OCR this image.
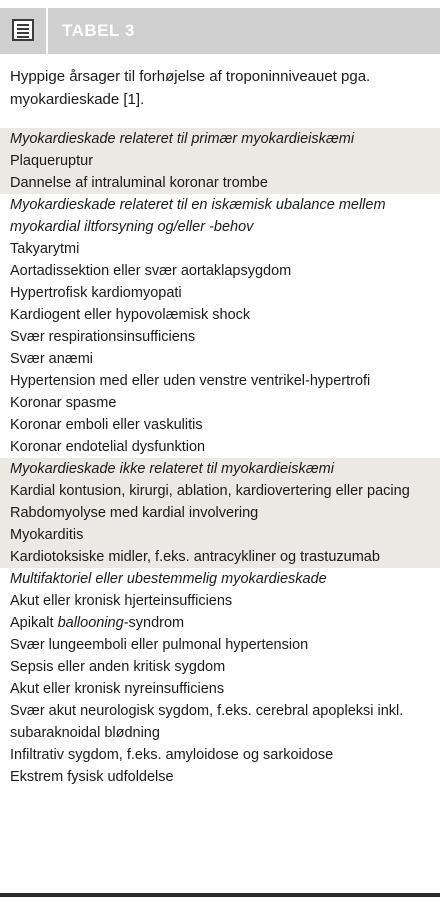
TABEL 3
Hyppige årsager til forhøjelse af troponinniveauet pga. myokardieskade [1].
Myokardieskade relateret til primær myokardieiskæmi
Plaqueruptur
Dannelse af intraluminal koronar trombe
Myokardieskade relateret til en iskæmisk ubalance mellem myokardial iltforsyning og/eller -behov
Takyarytmi
Aortadissektion eller svær aortaklapsygdom
Hypertrofisk kardiomyopati
Kardiogent eller hypovolæmisk shock
Svær respirationsinsufficiens
Svær anæmi
Hypertension med eller uden venstre ventrikel-hypertrofi
Koronar spasme
Koronar emboli eller vaskulitis
Koronar endotelial dysfunktion
Myokardieskade ikke relateret til myokardieiskæmi
Kardial kontusion, kirurgi, ablation, kardiovertering eller pacing
Rabdomyolyse med kardial involvering
Myokarditis
Kardiotoksiske midler, f.eks. antracykliner og trastuzumab
Multifaktoriel eller ubestemmelig myokardieskade
Akut eller kronisk hjerteinsufficiens
Apikalt ballooning-syndrom
Svær lungeemboli eller pulmonal hypertension
Sepsis eller anden kritisk sygdom
Akut eller kronisk nyreinsufficiens
Svær akut neurologisk sygdom, f.eks. cerebral apopleksi inkl. subaraknoidal blødning
Infiltrativ sygdom, f.eks. amyloidose og sarkoidose
Ekstrem fysisk udfoldelse
